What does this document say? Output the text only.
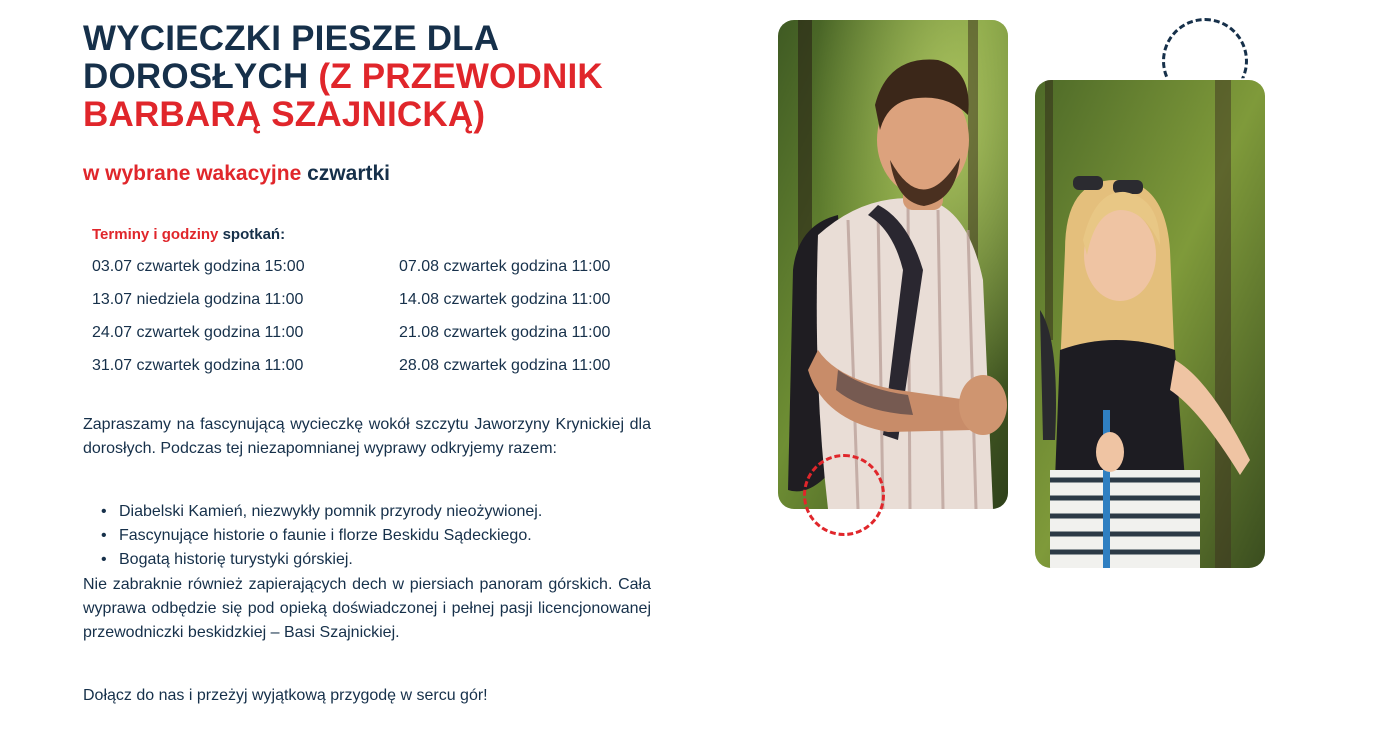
WYCIECZKI PIESZE DLA DOROSŁYCH (Z PRZEWODNIK BARBARĄ SZAJNICKĄ)

w wybrane wakacyjne czwartki

Terminy i godziny spotkań:

03.07 czwartek godzina 15:00	07.08 czwartek godzina 11:00
13.07 niedziela godzina 11:00	14.08 czwartek godzina 11:00
24.07 czwartek godzina 11:00	21.08 czwartek godzina 11:00
31.07 czwartek godzina 11:00	28.08 czwartek godzina 11:00

Zapraszamy na fascynującą wycieczkę wokół szczytu Jaworzyny Krynickiej dla dorosłych. Podczas tej niezapomnianej wyprawy odkryjemy razem:

• Diabelski Kamień, niezwykły pomnik przyrody nieożywionej.
• Fascynujące historie o faunie i florze Beskidu Sądeckiego.
• Bogatą historię turystyki górskiej.

Nie zabraknie również zapierających dech w piersiach panoram górskich. Cała wyprawa odbędzie się pod opieką doświadczonej i pełnej pasji licencjonowanej przewodniczki beskidzkiej – Basi Szajnickiej.

Dołącz do nas i przeżyj wyjątkową przygodę w sercu gór!
